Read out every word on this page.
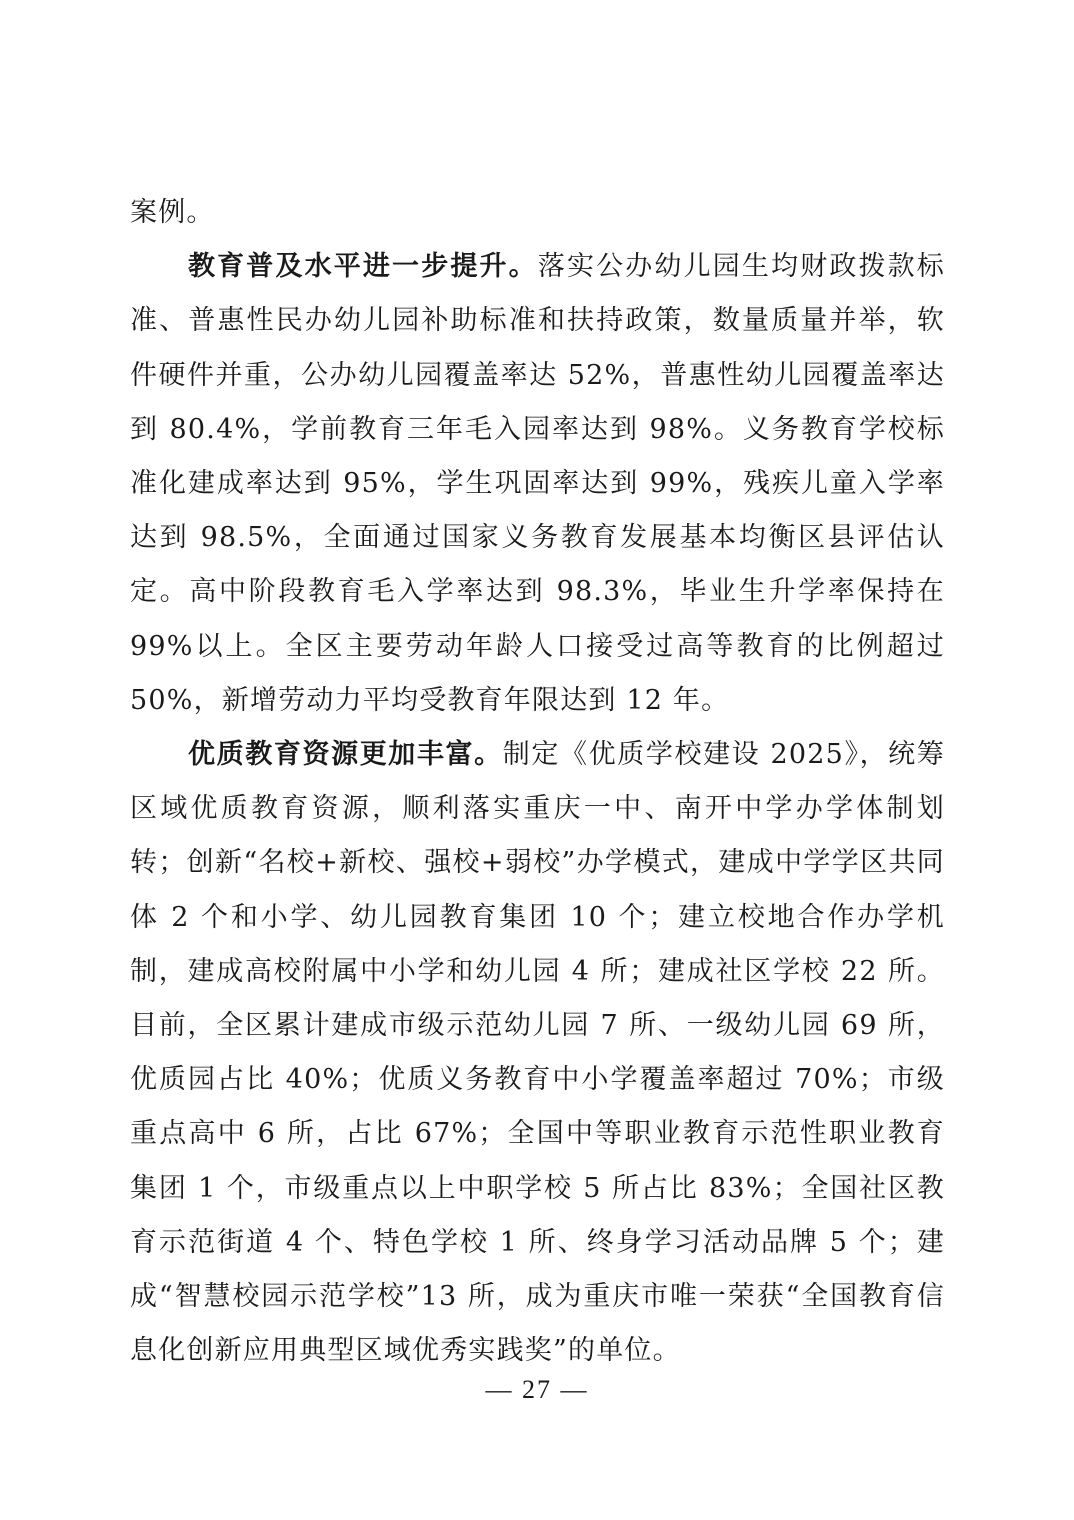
案例。

教育普及水平进一步提升。落实公办幼儿园生均财政拨款标准、普惠性民办幼儿园补助标准和扶持政策，数量质量并举，软件硬件并重，公办幼儿园覆盖率达 52%，普惠性幼儿园覆盖率达到 80.4%，学前教育三年毛入园率达到 98%。义务教育学校标准化建成率达到 95%，学生巩固率达到 99%，残疾儿童入学率达到 98.5%，全面通过国家义务教育发展基本均衡区县评估认定。高中阶段教育毛入学率达到 98.3%，毕业生升学率保持在 99%以上。全区主要劳动年龄人口接受过高等教育的比例超过 50%，新增劳动力平均受教育年限达到 12 年。

优质教育资源更加丰富。制定《优质学校建设 2025》，统筹区域优质教育资源，顺利落实重庆一中、南开中学办学体制划转；创新“名校+新校、强校+弱校”办学模式，建成中学学区共同体 2 个和小学、幼儿园教育集团 10 个；建立校地合作办学机制，建成高校附属中小学和幼儿园 4 所；建成社区学校 22 所。目前，全区累计建成市级示范幼儿园 7 所、一级幼儿园 69 所，优质园占比 40%；优质义务教育中小学覆盖率超过 70%；市级重点高中 6 所，占比 67%；全国中等职业教育示范性职业教育集团 1 个，市级重点以上中职学校 5 所占比 83%；全国社区教育示范街道 4 个、特色学校 1 所、终身学习活动品牌 5 个；建成“智慧校园示范学校”13 所，成为重庆市唯一荣获“全国教育信息化创新应用典型区域优秀实践奖”的单位。

— 27 —
